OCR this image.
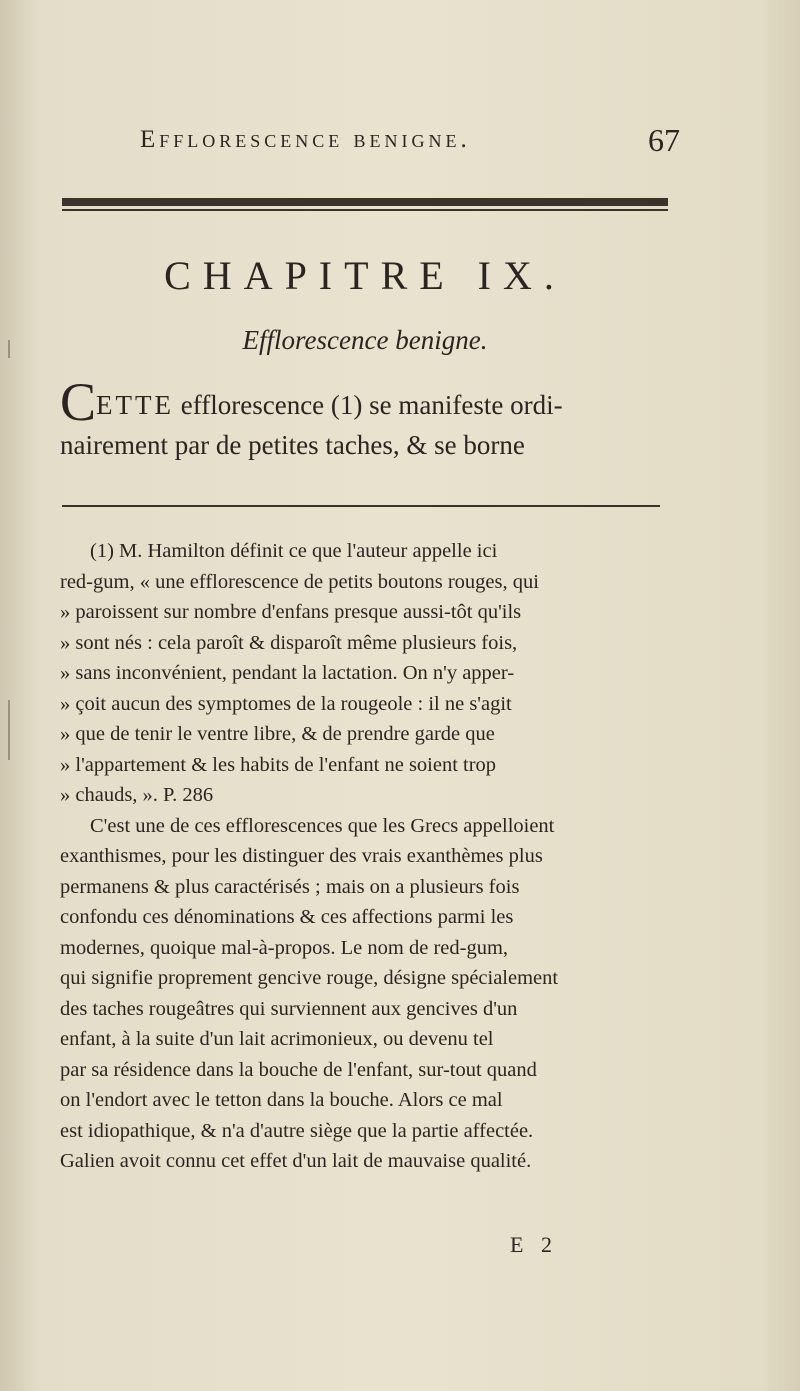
Efflorescence benigne.	67
CHAPITRE IX.
Efflorescence benigne.
CETTE efflorescence (1) se manifeste ordi-
nairement par de petites taches, & se borne
(1) M. Hamilton définit ce que l'auteur appelle ici
red-gum, « une efflorescence de petits boutons rouges, qui
» paroissent sur nombre d'enfans presque aussi-tôt qu'ils
» sont nés : cela paroît & disparoît même plusieurs fois,
» sans inconvénient, pendant la lactation. On n'y apper-
» çoit aucun des symptomes de la rougeole : il ne s'agit
» que de tenir le ventre libre, & de prendre garde que
» l'appartement & les habits de l'enfant ne soient trop
» chauds, ». P. 286
C'est une de ces efflorescences que les Grecs appelloient
exanthismes, pour les distinguer des vrais exanthèmes plus
permanens & plus caractérisés ; mais on a plusieurs fois
confondu ces dénominations & ces affections parmi les
modernes, quoique mal-à-propos. Le nom de red-gum,
qui signifie proprement gencive rouge, désigne spécialement
des taches rougeâtres qui surviennent aux gencives d'un
enfant, à la suite d'un lait acrimonieux, ou devenu tel
par sa résidence dans la bouche de l'enfant, sur-tout quand
on l'endort avec le tetton dans la bouche. Alors ce mal
est idiopathique, & n'a d'autre siège que la partie affectée.
Galien avoit connu cet effet d'un lait de mauvaise qualité.
E 2
